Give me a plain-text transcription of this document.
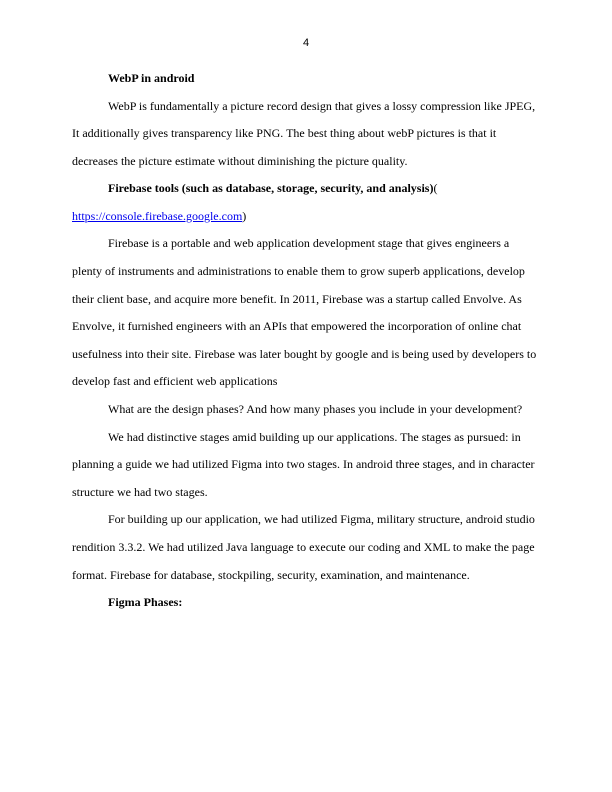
4

WebP in android

WebP is fundamentally a picture record design that gives a lossy compression like JPEG, It additionally gives transparency like PNG. The best thing about webP pictures is that it decreases the picture estimate without diminishing the picture quality.

Firebase tools (such as database, storage, security, and analysis)(

https://console.firebase.google.com)

Firebase is a portable and web application development stage that gives engineers a plenty of instruments and administrations to enable them to grow superb applications, develop their client base, and acquire more benefit. In 2011, Firebase was a startup called Envolve. As Envolve, it furnished engineers with an APIs that empowered the incorporation of online chat usefulness into their site. Firebase was later bought by google and is being used by developers to develop fast and efficient web applications

What are the design phases? And how many phases you include in your development?

We had distinctive stages amid building up our applications. The stages as pursued: in planning a guide we had utilized Figma into two stages. In android three stages, and in character structure we had two stages.

For building up our application, we had utilized Figma, military structure, android studio rendition 3.3.2. We had utilized Java language to execute our coding and XML to make the page format. Firebase for database, stockpiling, security, examination, and maintenance.

Figma Phases:
